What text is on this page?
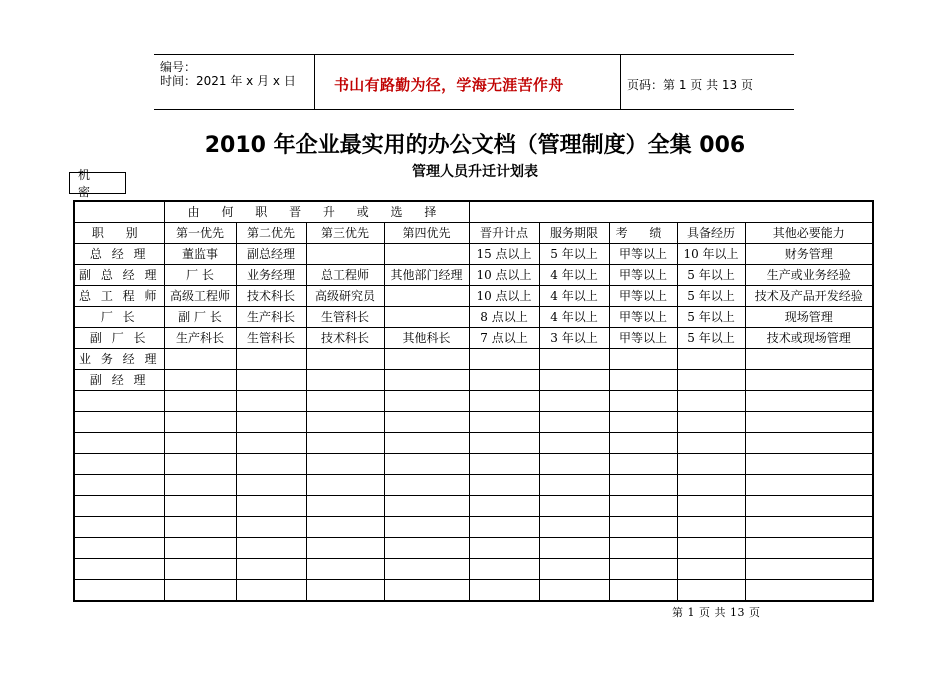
编号：
时间：2021 年 x 月 x 日	书山有路勤为径，学海无涯苦作舟	页码：第 1 页 共 13 页
2010 年企业最实用的办公文档（管理制度）全集 006
管理人员升迁计划表
机 密
	由 何 职 晋 升 或 选 择								
职 别	第一优先	第二优先	第三优先	第四优先	晋升计点	服务期限	考 绩	具备经历	其他必要能力
总 经 理	董监事	副总经理			15 点以上	5 年以上	甲等以上	10 年以上	财务管理
副 总 经 理	厂 长	业务经理	总工程师	其他部门经理	10 点以上	4 年以上	甲等以上	5 年以上	生产或业务经验
总 工 程 师	高级工程师	技术科长	高级研究员		10 点以上	4 年以上	甲等以上	5 年以上	技术及产品开发经验
厂 长	副 厂 长	生产科长	生管科长		8 点以上	4 年以上	甲等以上	5 年以上	现场管理
副 厂 长	生产科长	生管科长	技术科长	其他科长	7 点以上	3 年以上	甲等以上	5 年以上	技术或现场管理
业 务 经 理									
副 经 理									

第 1 页 共 13 页
